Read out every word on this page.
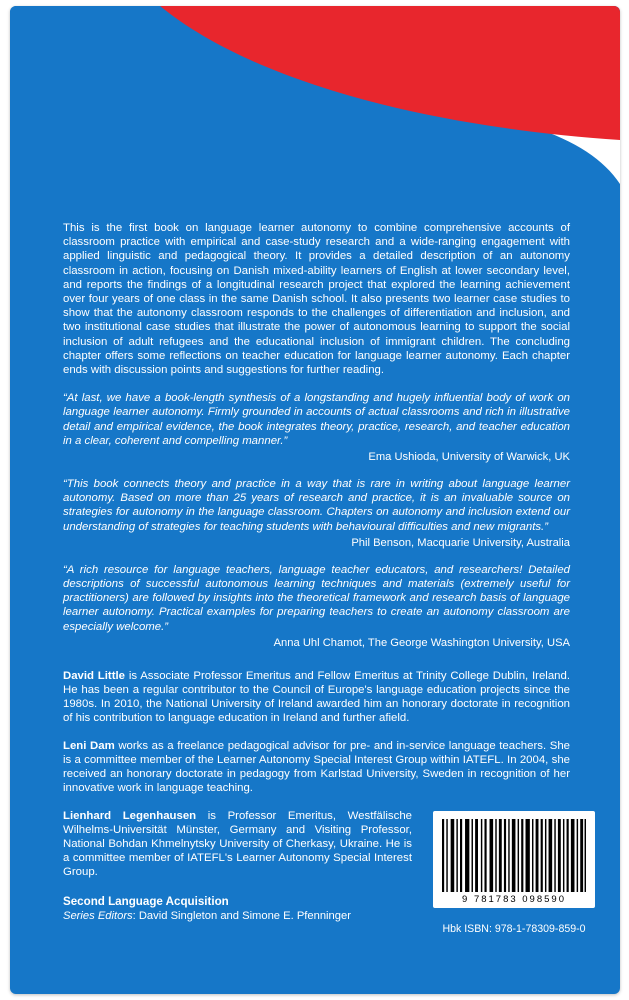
This is the first book on language learner autonomy to combine comprehensive accounts of classroom practice with empirical and case-study research and a wide-ranging engagement with applied linguistic and pedagogical theory. It provides a detailed description of an autonomy classroom in action, focusing on Danish mixed-ability learners of English at lower secondary level, and reports the findings of a longitudinal research project that explored the learning achievement over four years of one class in the same Danish school. It also presents two learner case studies to show that the autonomy classroom responds to the challenges of differentiation and inclusion, and two institutional case studies that illustrate the power of autonomous learning to support the social inclusion of adult refugees and the educational inclusion of immigrant children. The concluding chapter offers some reflections on teacher education for language learner autonomy. Each chapter ends with discussion points and suggestions for further reading.

“At last, we have a book-length synthesis of a longstanding and hugely influential body of work on language learner autonomy. Firmly grounded in accounts of actual classrooms and rich in illustrative detail and empirical evidence, the book integrates theory, practice, research, and teacher education in a clear, coherent and compelling manner.”

Ema Ushioda, University of Warwick, UK

“This book connects theory and practice in a way that is rare in writing about language learner autonomy. Based on more than 25 years of research and practice, it is an invaluable source on strategies for autonomy in the language classroom. Chapters on autonomy and inclusion extend our understanding of strategies for teaching students with behavioural difficulties and new migrants.”

Phil Benson, Macquarie University, Australia

“A rich resource for language teachers, language teacher educators, and researchers! Detailed descriptions of successful autonomous learning techniques and materials (extremely useful for practitioners) are followed by insights into the theoretical framework and research basis of language learner autonomy. Practical examples for preparing teachers to create an autonomy classroom are especially welcome.”

Anna Uhl Chamot, The George Washington University, USA

David Little is Associate Professor Emeritus and Fellow Emeritus at Trinity College Dublin, Ireland. He has been a regular contributor to the Council of Europe's language education projects since the 1980s. In 2010, the National University of Ireland awarded him an honorary doctorate in recognition of his contribution to language education in Ireland and further afield.

Leni Dam works as a freelance pedagogical advisor for pre- and in-service language teachers. She is a committee member of the Learner Autonomy Special Interest Group within IATEFL. In 2004, she received an honorary doctorate in pedagogy from Karlstad University, Sweden in recognition of her innovative work in language teaching.

Lienhard Legenhausen is Professor Emeritus, Westfälische Wilhelms-Universität Münster, Germany and Visiting Professor, National Bohdan Khmelnytsky University of Cherkasy, Ukraine. He is a committee member of IATEFL's Learner Autonomy Special Interest Group.

Second Language Acquisition

Series Editors: David Singleton and Simone E. Pfenninger

9 781783 098590

Hbk ISBN: 978-1-78309-859-0
